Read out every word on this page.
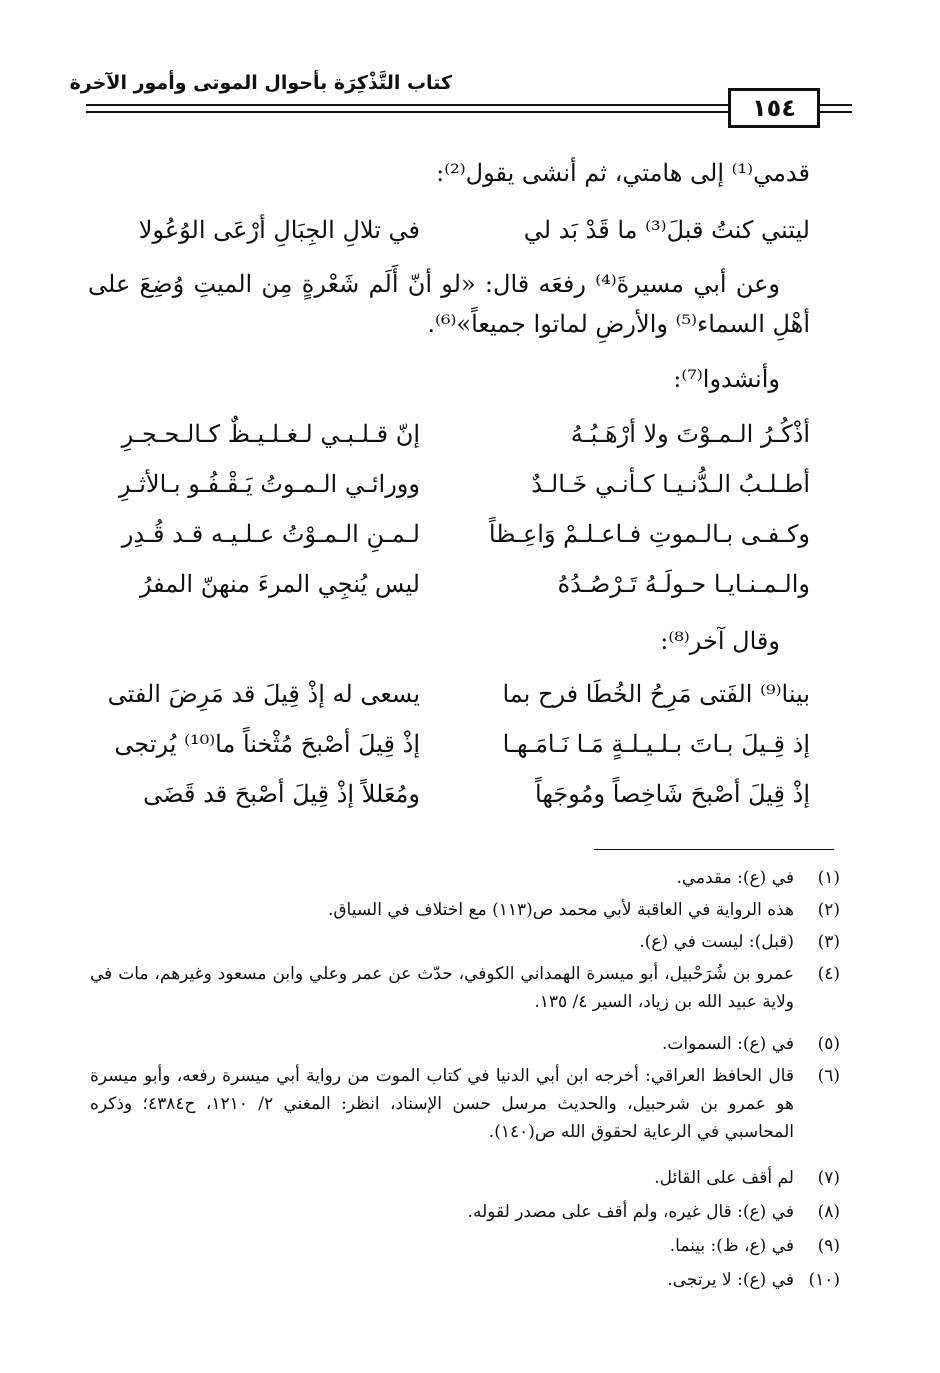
كتاب التَّذْكِرَة بأحوال الموتى وأمور الآخرة
١٥٤
قدمي⁽¹⁾ إلى هامتي، ثم أنشى يقول⁽²⁾:
ليتني كنتُ قبلَ⁽³⁾ ما قَدْ بَد لي
في تلالِ الجِبَالِ أرْعَى الوُعُولا
وعن أبي مسيرةَ⁽⁴⁾ رفعَه قال: «لو أنّ أَلَم شَعْرةٍ مِن الميتِ وُضِعَ على أهْلِ السماء⁽⁵⁾ والأرضِ لماتوا جميعاً»⁽⁶⁾.
وأنشدوا⁽⁷⁾:
أذْكُـرُ الـمـوْتَ ولا أرْهَـبُـهُ
إنّ قـلـبـي لـغـلـيـظٌ كـالـحـجـرِ
أطـلـبُ الـدُّنـيـا كـأنـي خَـالـدٌ
وورائـي الـمـوتُ يَـقْـفُـو بـالأثـرِ
وكـفـى بـالـموتِ فـاعـلـمْ وَاعِـظاً
لـمـنِ الـمـوْتُ عـلـيـه قـد قُـدِر
والـمـنـايـا حـولَـهُ تَـرْصُـدُهُ
ليس يُنجِي المرءَ منهنّ المفرُ
وقال آخر⁽⁸⁾:
بينا⁽⁹⁾ الفَتى مَرِحُ الخُطَا فرح بما
يسعى له إذْ قِيلَ قد مَرِضَ الفتى
إذ قِـيلَ بـاتَ بـلـيـلـةٍ مَـا نَـامَـهـا
إذْ قِيلَ أصْبحَ مُثْخناً ما⁽¹⁰⁾ يُرتجى
إذْ قِيلَ أصْبحَ شَاخِصاً ومُوجَهاً
ومُعَللاً إذْ قِيلَ أصْبحَ قد قَضَى
(١)
في (ع): مقدمي.
(٢)
هذه الرواية في العاقبة لأبي محمد ص(١١٣) مع اختلاف في السياق.
(٣)
(قبل): ليست في (ع).
(٤)
عمرو بن شُرَحْبيل، أبو ميسرة الهمداني الكوفي، حدّث عن عمر وعلي وابن مسعود وغيرهم، مات في ولاية عبيد الله بن زياد، السير ٤/ ١٣٥.
(٥)
في (ع): السموات.
(٦)
قال الحافظ العراقي: أخرجه ابن أبي الدنيا في كتاب الموت من رواية أبي ميسرة رفعه، وأبو ميسرة هو عمرو بن شرحبيل، والحديث مرسل حسن الإسناد، انظر: المغني ٢/ ١٢١٠، ح٤٣٨٤؛ وذكره المحاسبي في الرعاية لحقوق الله ص(١٤٠).
(٧)
لم أقف على القائل.
(٨)
في (ع): قال غيره، ولم أقف على مصدر لقوله.
(٩)
في (ع، ظ): بينما.
(١٠)
في (ع): لا يرتجى.
